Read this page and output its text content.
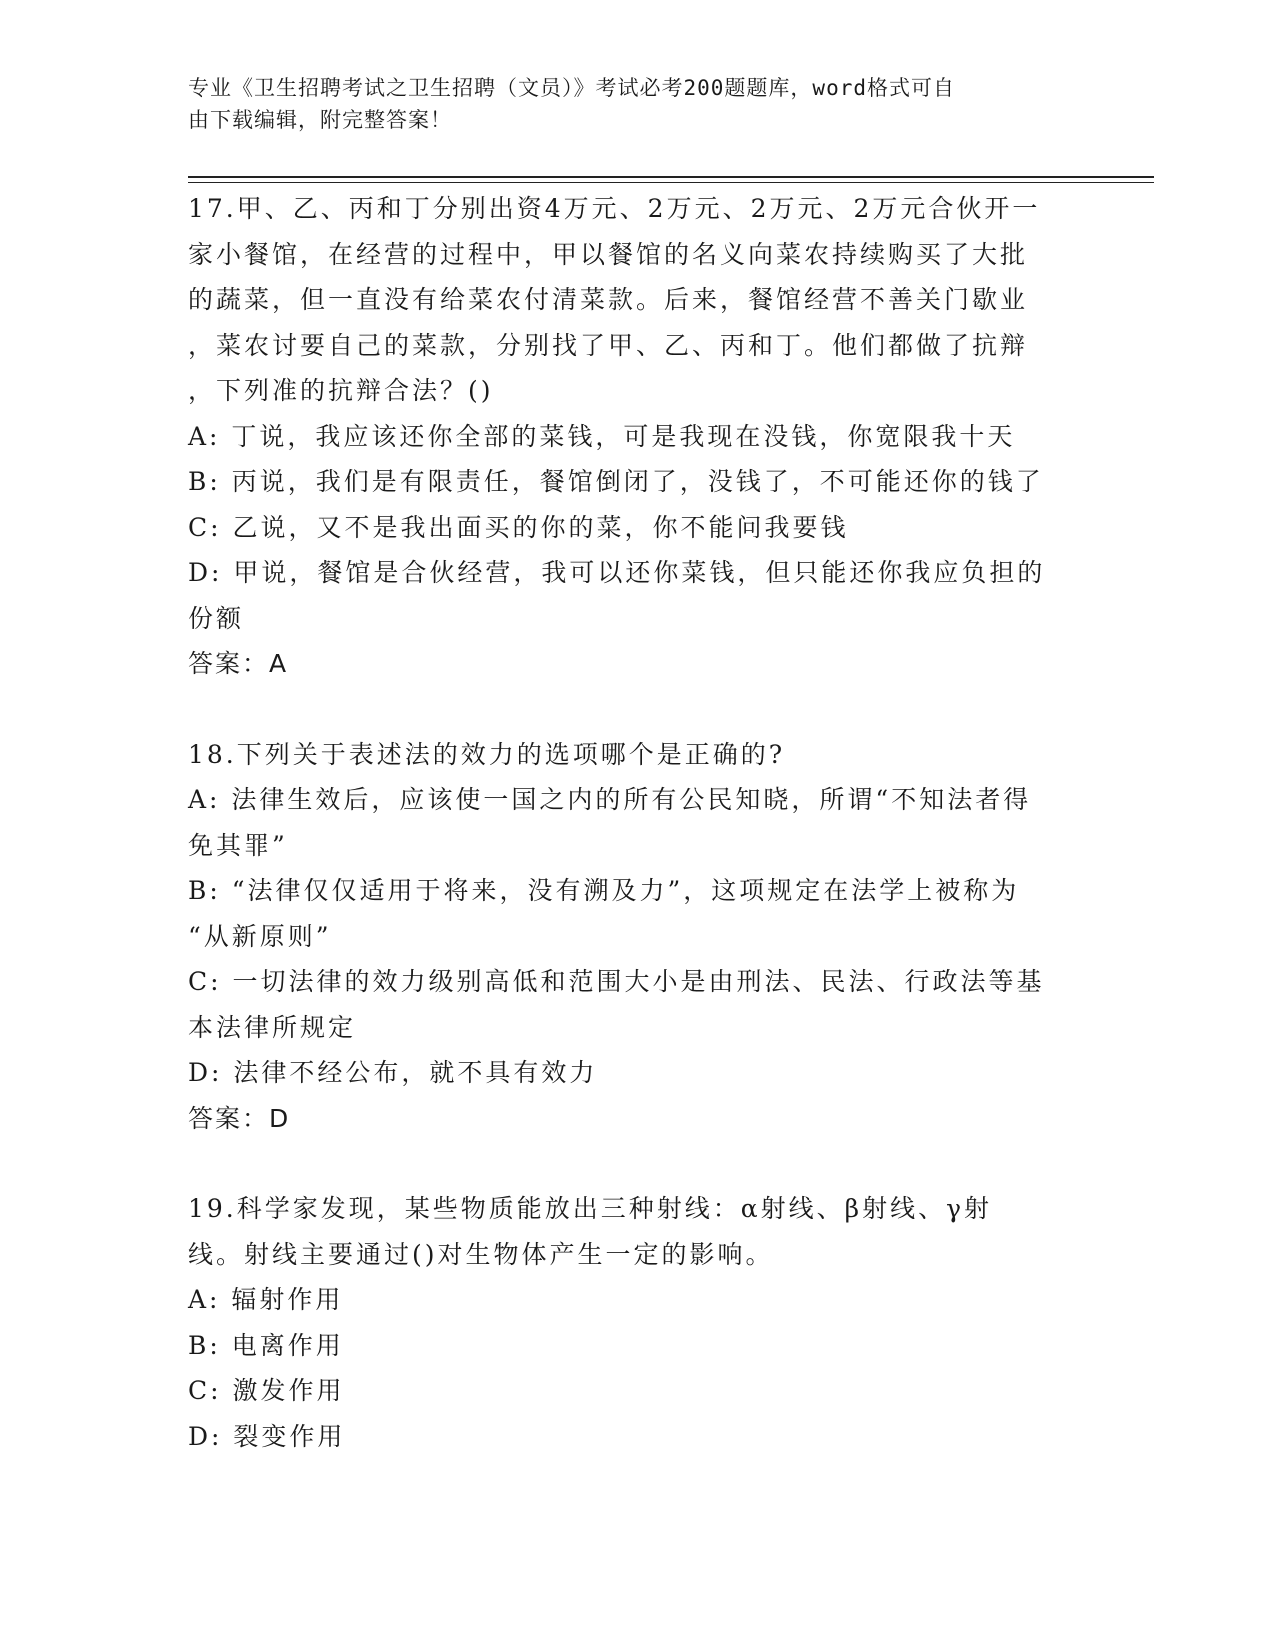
专业《卫生招聘考试之卫生招聘（文员）》考试必考200题题库，word格式可自
由下载编辑，附完整答案！
17.甲、乙、丙和丁分别出资4万元、2万元、2万元、2万元合伙开一
家小餐馆，在经营的过程中，甲以餐馆的名义向菜农持续购买了大批
的蔬菜，但一直没有给菜农付清菜款。后来，餐馆经营不善关门歇业
，菜农讨要自己的菜款，分别找了甲、乙、丙和丁。他们都做了抗辩
，下列准的抗辩合法？()
A: 丁说，我应该还你全部的菜钱，可是我现在没钱，你宽限我十天
B: 丙说，我们是有限责任，餐馆倒闭了，没钱了，不可能还你的钱了
C: 乙说，又不是我出面买的你的菜，你不能问我要钱
D: 甲说，餐馆是合伙经营，我可以还你菜钱，但只能还你我应负担的
份额
答案：A
18.下列关于表述法的效力的选项哪个是正确的?
A: 法律生效后，应该使一国之内的所有公民知晓，所谓“不知法者得
免其罪”
B: “法律仅仅适用于将来，没有溯及力”，这项规定在法学上被称为
“从新原则”
C: 一切法律的效力级别高低和范围大小是由刑法、民法、行政法等基
本法律所规定
D: 法律不经公布，就不具有效力
答案：D
19.科学家发现，某些物质能放出三种射线：α射线、β射线、γ射
线。射线主要通过()对生物体产生一定的影响。
A: 辐射作用
B: 电离作用
C: 激发作用
D: 裂变作用
